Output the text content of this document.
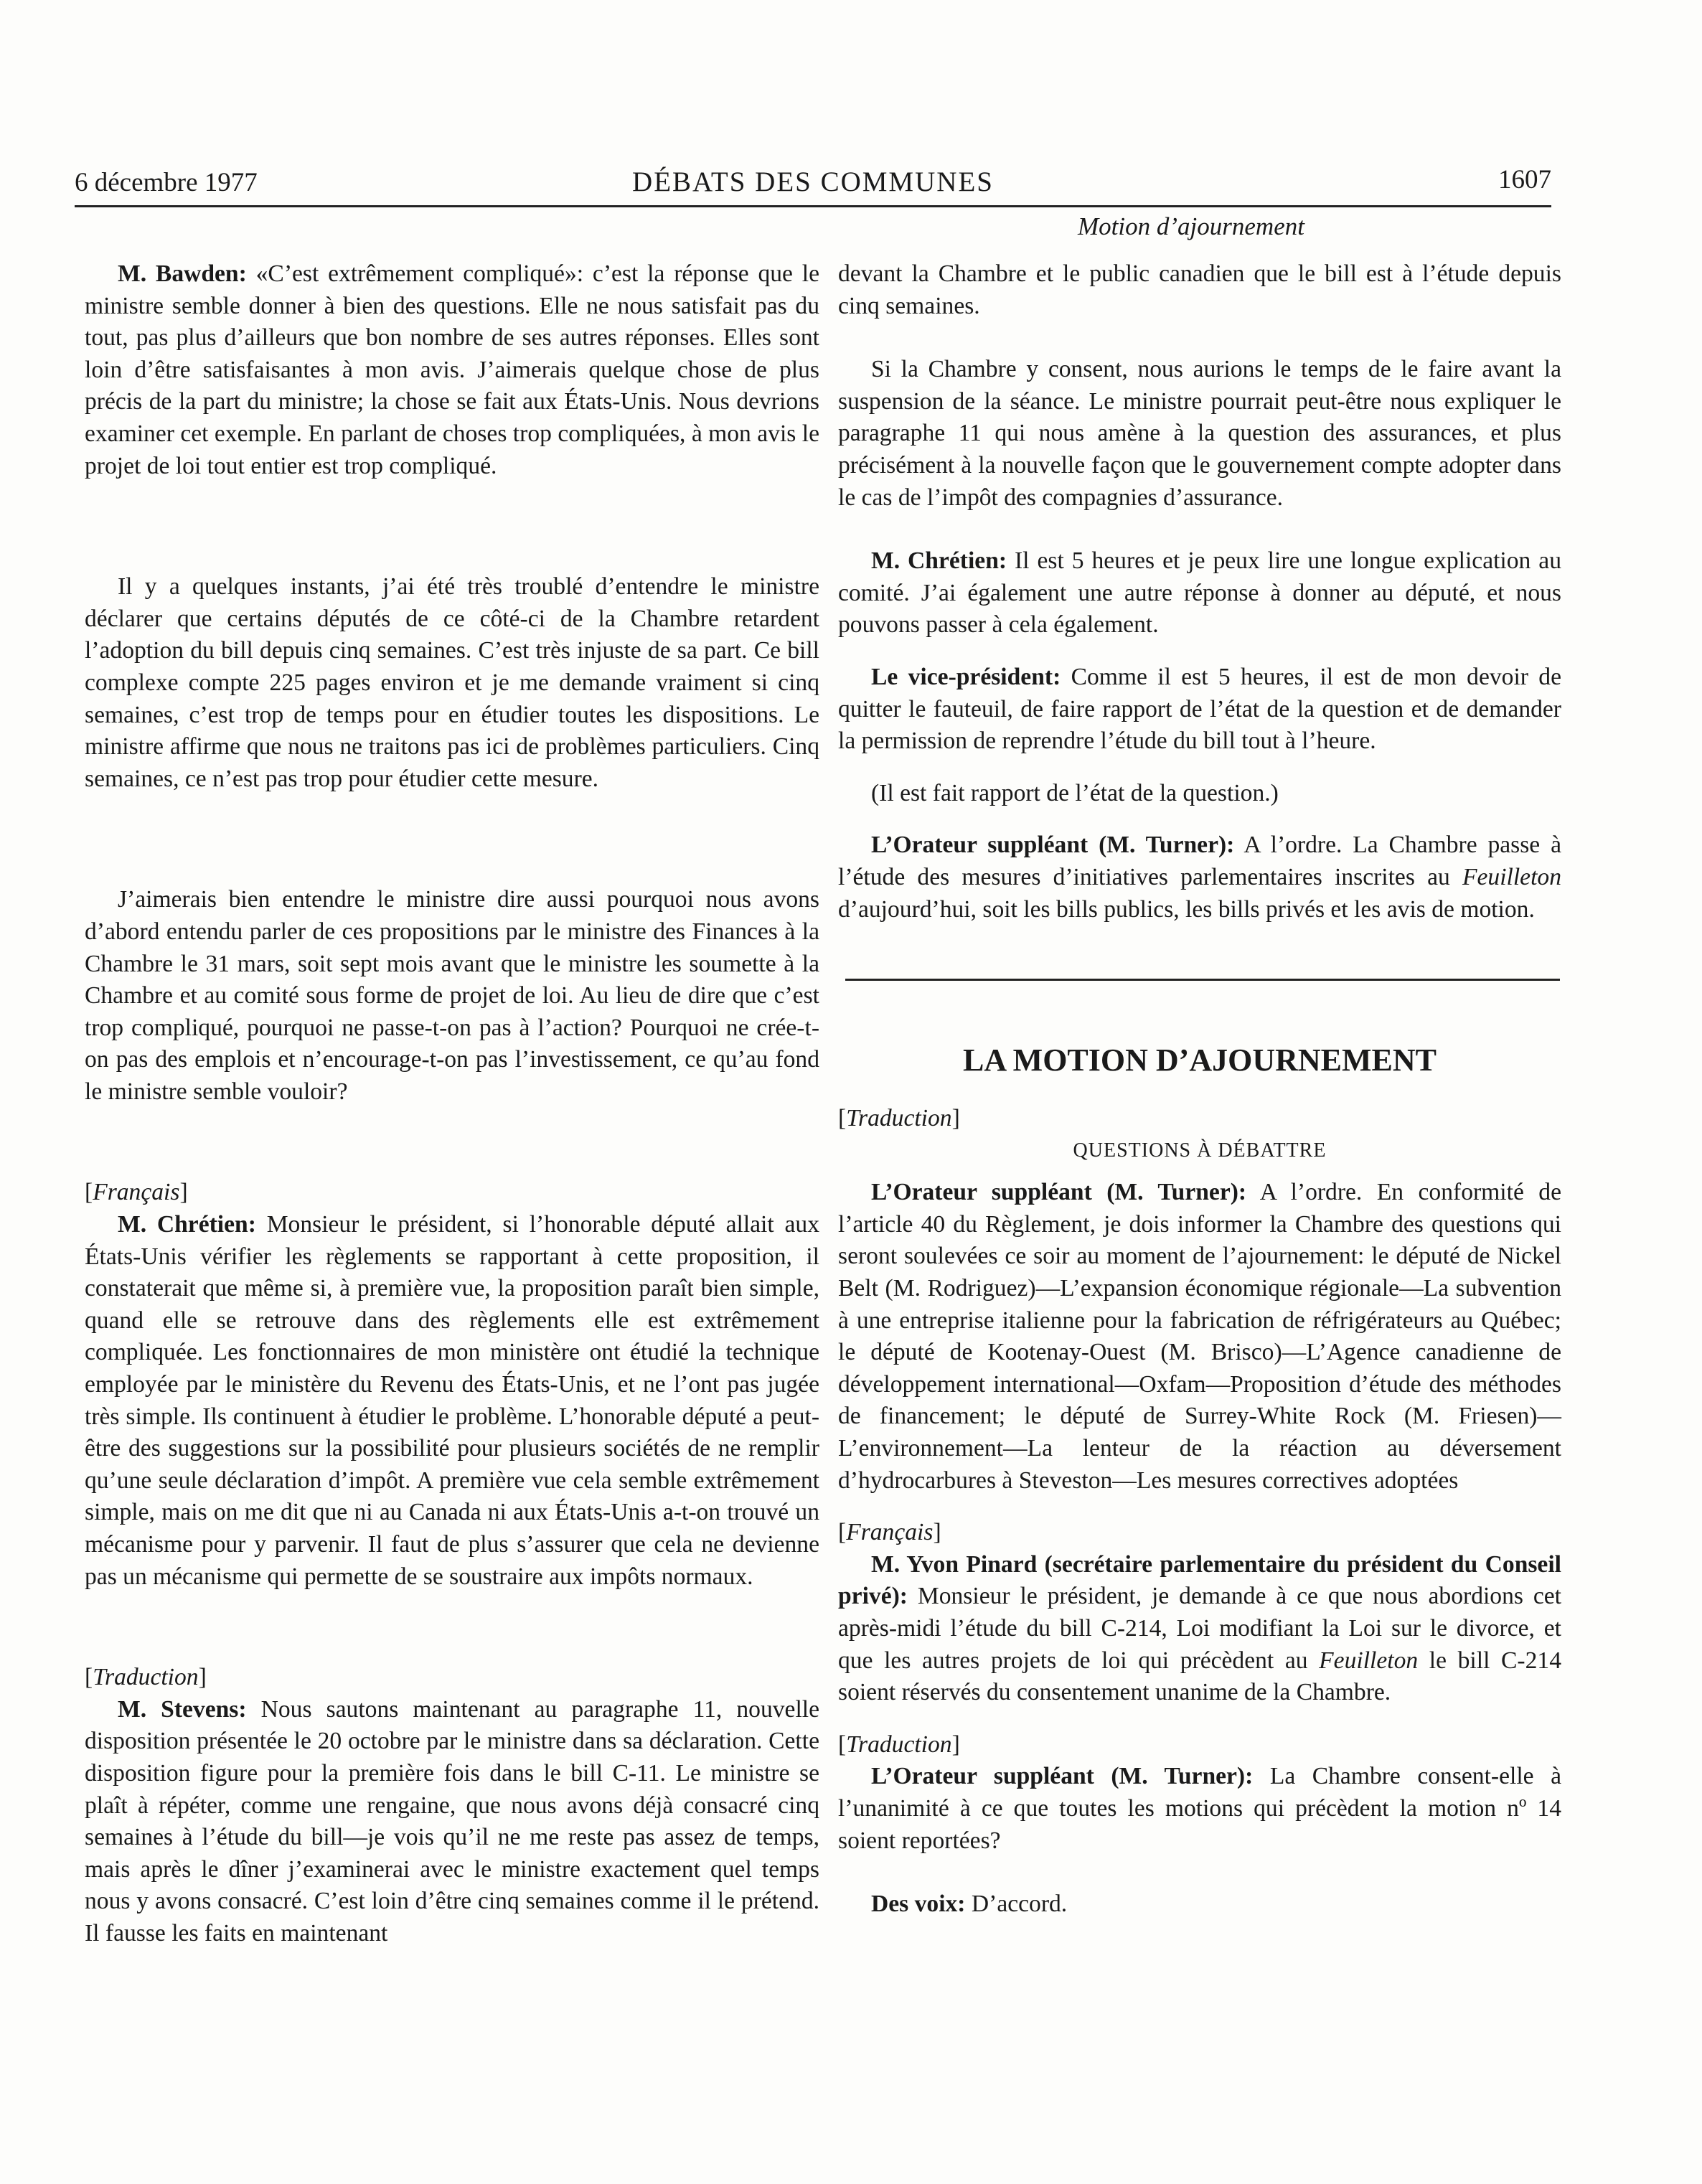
6 décembre 1977	DÉBATS DES COMMUNES	1607
Motion d’ajournement

M. Bawden: «C’est extrêmement compliqué»: c’est la réponse que le ministre semble donner à bien des questions. Elle ne nous satisfait pas du tout, pas plus d’ailleurs que bon nombre de ses autres réponses. Elles sont loin d’être satisfaisantes à mon avis. J’aimerais quelque chose de plus précis de la part du ministre; la chose se fait aux États-Unis. Nous devrions examiner cet exemple. En parlant de choses trop compliquées, à mon avis le projet de loi tout entier est trop compliqué.

Il y a quelques instants, j’ai été très troublé d’entendre le ministre déclarer que certains députés de ce côté-ci de la Chambre retardent l’adoption du bill depuis cinq semaines. C’est très injuste de sa part. Ce bill complexe compte 225 pages environ et je me demande vraiment si cinq semaines, c’est trop de temps pour en étudier toutes les dispositions. Le ministre affirme que nous ne traitons pas ici de problèmes particuliers. Cinq semaines, ce n’est pas trop pour étudier cette mesure.

J’aimerais bien entendre le ministre dire aussi pourquoi nous avons d’abord entendu parler de ces propositions par le ministre des Finances à la Chambre le 31 mars, soit sept mois avant que le ministre les soumette à la Chambre et au comité sous forme de projet de loi. Au lieu de dire que c’est trop compliqué, pourquoi ne passe-t-on pas à l’action? Pourquoi ne crée-t-on pas des emplois et n’encourage-t-on pas l’investissement, ce qu’au fond le ministre semble vouloir?

[Français]

M. Chrétien: Monsieur le président, si l’honorable député allait aux États-Unis vérifier les règlements se rapportant à cette proposition, il constaterait que même si, à première vue, la proposition paraît bien simple, quand elle se retrouve dans des règlements elle est extrêmement compliquée. Les fonctionnaires de mon ministère ont étudié la technique employée par le ministère du Revenu des États-Unis, et ne l’ont pas jugée très simple. Ils continuent à étudier le problème. L’honorable député a peut-être des suggestions sur la possibilité pour plusieurs sociétés de ne remplir qu’une seule déclaration d’impôt. A première vue cela semble extrêmement simple, mais on me dit que ni au Canada ni aux États-Unis a-t-on trouvé un mécanisme pour y parvenir. Il faut de plus s’assurer que cela ne devienne pas un mécanisme qui permette de se soustraire aux impôts normaux.

[Traduction]

M. Stevens: Nous sautons maintenant au paragraphe 11, nouvelle disposition présentée le 20 octobre par le ministre dans sa déclaration. Cette disposition figure pour la première fois dans le bill C-11. Le ministre se plaît à répéter, comme une rengaine, que nous avons déjà consacré cinq semaines à l’étude du bill—je vois qu’il ne me reste pas assez de temps, mais après le dîner j’examinerai avec le ministre exactement quel temps nous y avons consacré. C’est loin d’être cinq semaines comme il le prétend. Il fausse les faits en maintenant

devant la Chambre et le public canadien que le bill est à l’étude depuis cinq semaines.

Si la Chambre y consent, nous aurions le temps de le faire avant la suspension de la séance. Le ministre pourrait peut-être nous expliquer le paragraphe 11 qui nous amène à la question des assurances, et plus précisément à la nouvelle façon que le gouvernement compte adopter dans le cas de l’impôt des compagnies d’assurance.

M. Chrétien: Il est 5 heures et je peux lire une longue explication au comité. J’ai également une autre réponse à donner au député, et nous pouvons passer à cela également.

Le vice-président: Comme il est 5 heures, il est de mon devoir de quitter le fauteuil, de faire rapport de l’état de la question et de demander la permission de reprendre l’étude du bill tout à l’heure.

(Il est fait rapport de l’état de la question.)

L’Orateur suppléant (M. Turner): A l’ordre. La Chambre passe à l’étude des mesures d’initiatives parlementaires inscrites au Feuilleton d’aujourd’hui, soit les bills publics, les bills privés et les avis de motion.

LA MOTION D’AJOURNEMENT

[Traduction]

QUESTIONS À DÉBATTRE

L’Orateur suppléant (M. Turner): A l’ordre. En conformité de l’article 40 du Règlement, je dois informer la Chambre des questions qui seront soulevées ce soir au moment de l’ajournement: le député de Nickel Belt (M. Rodriguez)—L’expansion économique régionale—La subvention à une entreprise italienne pour la fabrication de réfrigérateurs au Québec; le député de Kootenay-Ouest (M. Brisco)—L’Agence canadienne de développement international—Oxfam—Proposition d’étude des méthodes de financement; le député de Surrey-White Rock (M. Friesen)—L’environnement—La lenteur de la réaction au déversement d’hydrocarbures à Steveston—Les mesures correctives adoptées

[Français]

M. Yvon Pinard (secrétaire parlementaire du président du Conseil privé): Monsieur le président, je demande à ce que nous abordions cet après-midi l’étude du bill C-214, Loi modifiant la Loi sur le divorce, et que les autres projets de loi qui précèdent au Feuilleton le bill C-214 soient réservés du consentement unanime de la Chambre.

[Traduction]

L’Orateur suppléant (M. Turner): La Chambre consent-elle à l’unanimité à ce que toutes les motions qui précèdent la motion nº 14 soient reportées?

Des voix: D’accord.
